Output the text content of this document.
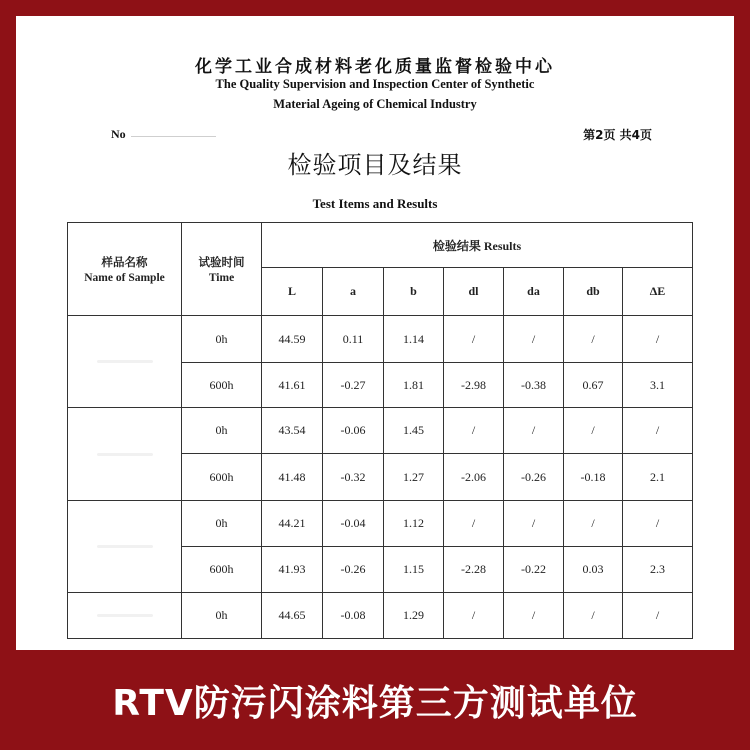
化学工业合成材料老化质量监督检验中心
The Quality Supervision and Inspection Center of Synthetic
Material Ageing of Chemical Industry
No	第2页 共4页
检验项目及结果
Test Items and Results
样品名称
Name of Sample	试验时间
Time	检验结果 Results						
		L	a	b	dl	da	db	ΔE

	0h	44.59	0.11	1.14	/	/	/	/
	600h	41.61	-0.27	1.81	-2.98	-0.38	0.67	3.1

	0h	43.54	-0.06	1.45	/	/	/	/
	600h	41.48	-0.32	1.27	-2.06	-0.26	-0.18	2.1

	0h	44.21	-0.04	1.12	/	/	/	/
	600h	41.93	-0.26	1.15	-2.28	-0.22	0.03	2.3

	0h	44.65	-0.08	1.29	/	/	/	/
RTV防污闪涂料第三方测试单位
